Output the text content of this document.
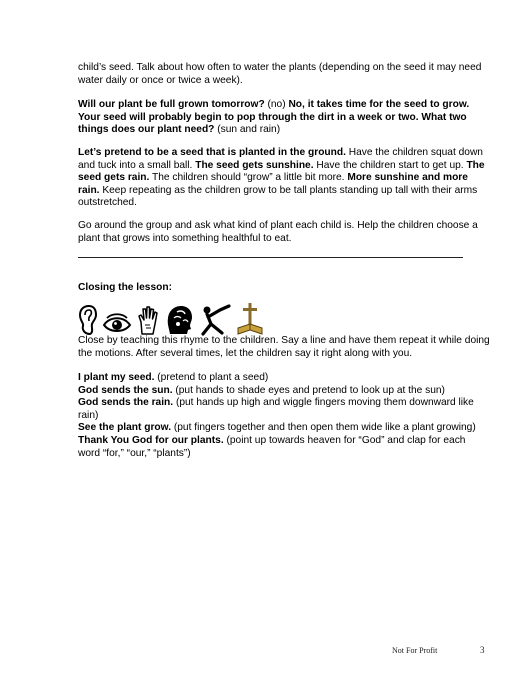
child’s seed. Talk about how often to water the plants (depending on the seed it may need water daily or once or twice a week).
Will our plant be full grown tomorrow? (no) No, it takes time for the seed to grow. Your seed will probably begin to pop through the dirt in a week or two. What two things does our plant need? (sun and rain)
Let’s pretend to be a seed that is planted in the ground. Have the children squat down and tuck into a small ball. The seed gets sunshine. Have the children start to get up. The seed gets rain. The children should “grow” a little bit more. More sunshine and more rain. Keep repeating as the children grow to be tall plants standing up tall with their arms outstretched.
Go around the group and ask what kind of plant each child is. Help the children choose a plant that grows into something healthful to eat.
Closing the lesson:
Close by teaching this rhyme to the children. Say a line and have them repeat it while doing the motions. After several times, let the children say it right along with you.
I plant my seed. (pretend to plant a seed)
God sends the sun. (put hands to shade eyes and pretend to look up at the sun)
God sends the rain. (put hands up high and wiggle fingers moving them downward like rain)
See the plant grow. (put fingers together and then open them wide like a plant growing)
Thank You God for our plants. (point up towards heaven for “God” and clap for each word “for,” “our,” “plants”)
Not For Profit	3
